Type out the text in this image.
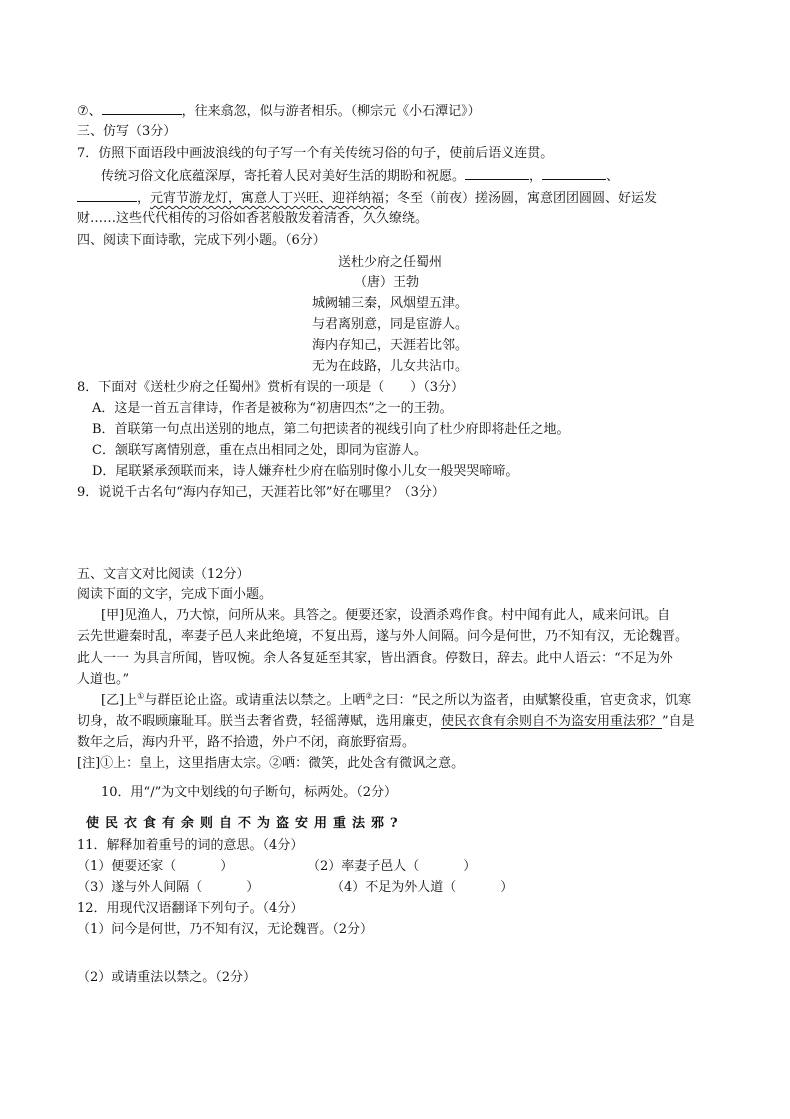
⑦、	，往来翕忽，似与游者相乐。（柳宗元《小石潭记》）
三、仿写（3分）
7．仿照下面语段中画波浪线的句子写一个有关传统习俗的句子，使前后语义连贯。
传统习俗文化底蕴深厚，寄托着人民对美好生活的期盼和祝愿。	，	、
，元宵节游龙灯，寓意人丁兴旺、迎祥纳福；冬至（前夜）搓汤圆，寓意团团圆圆、好运发
财……这些代代相传的习俗如香茗般散发着清香，久久缭绕。
四、阅读下面诗歌，完成下列小题。（6分）
送杜少府之任蜀州
（唐）王勃
城阙辅三秦，风烟望五津。
与君离别意，同是宦游人。
海内存知己，天涯若比邻。
无为在歧路，儿女共沾巾。
8．下面对《送杜少府之任蜀州》赏析有误的一项是（　　）（3分）
A．这是一首五言律诗，作者是被称为“初唐四杰”之一的王勃。
B．首联第一句点出送别的地点，第二句把读者的视线引向了杜少府即将赴任之地。
C．颔联写离情别意，重在点出相同之处，即同为宦游人。
D．尾联紧承颈联而来，诗人嫌弃杜少府在临别时像小儿女一般哭哭啼啼。
9．说说千古名句“海内存知己，天涯若比邻”好在哪里？（3分）
五、文言文对比阅读（12分）
阅读下面的文字，完成下面小题。
[甲]见渔人，乃大惊，问所从来。具答之。便要还家，设酒杀鸡作食。村中闻有此人，咸来问讯。自
云先世避秦时乱，率妻子邑人来此绝境，不复出焉，遂与外人间隔。问今是何世，乃不知有汉，无论魏晋。
此人一一 为具言所闻，皆叹惋。余人各复延至其家，皆出酒食。停数日，辞去。此中人语云：“不足为外
人道也。”
[乙]上①与群臣论止盗。或请重法以禁之。上哂②之曰：“民之所以为盗者，由赋繁役重，官吏贪求，饥寒
切身，故不暇顾廉耻耳。朕当去奢省费，轻徭薄赋，选用廉吏，使民衣食有余则自不为盗安用重法邪？”自是
数年之后，海内升平，路不拾遗，外户不闭，商旅野宿焉。
[注]①上：皇上，这里指唐太宗。②哂：微笑，此处含有微讽之意。
10．用“/”为文中划线的句子断句，标两处。（2分）
使民衣食有余则自不为盗安用重法邪?
11．解释加着重号的词的意思。（4分）
（1）便要还家（	）	（2）率妻子邑人（	）
（3）遂与外人间隔（	）	（4）不足为外人道（	）
12．用现代汉语翻译下列句子。（4分）
（1）问今是何世，乃不知有汉，无论魏晋。（2分）
（2）或请重法以禁之。（2分）
